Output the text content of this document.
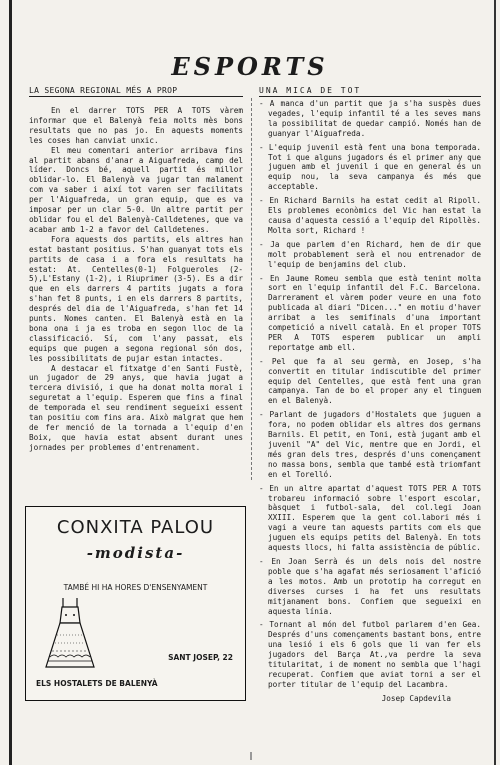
ESPORTS
LA SEGONA REGIONAL MÉS A PROP	UNA MICA DE TOT

En el darrer TOTS PER A TOTS vàrem informar que el Balenyà feia molts mès bons resultats que no pas jo. En aquests moments les coses han canviat unxic.

El meu comentari anterior arribava fins al partit abans d'anar a Aiguafreda, camp del líder. Doncs bé, aquell partit és millor oblidar-lo. El Balenyà va jugar tan malament com va saber i així tot varen ser facilitats per l'Aiguafreda, un gran equip, que es va imposar per un clar 5-0. Un altre partit per oblidar fou el del Balenyà-Calldetenes, que va acabar amb 1-2 a favor del Calldetenes.

Fora aquests dos partits, els altres han estat bastant positius. S'han guanyat tots els partits de casa i a fora els resultats ha estat: At. Centelles(0-1) Folgueroles (2-5),L'Estany (1-2), i Riuprimer (3-5). Es a dir que en els darrers 4 partits jugats a fora s'han fet 8 punts, i en els darrers 8 partits, després del dia de l'Aiguafreda, s'han fet 14 punts. Nomes canten. El Balenyà està en la bona ona i ja es troba en segon lloc de la classificació. Sí, com l'any passat, els equips que pugen a segona regional són dos, les possibilitats de pujar estan intactes.

A destacar el fitxatge d'en Santi Fustè, un jugador de 29 anys, que havia jugat a tercera divisió, i que ha donat molta moral i seguretat a l'equip. Esperem que fins a final de temporada el seu rendiment segueixi essent tan positiu com fins ara. Això malgrat que hem de fer menció de la tornada a l'equip d'en Boix, que havia estat absent durant unes jornades per problemes d'entrenament.

- A manca d'un partit que ja s'ha suspès dues vegades, l'equip infantil té a les seves mans la possibilitat de quedar campió. Només han de guanyar l'Aiguafreda.

- L'equip juvenil està fent una bona temporada. Tot i que alguns jugadors és el primer any que juguen amb el juvenil i que en general és un equip nou, la seva campanya és més que acceptable.

- En Richard Barnils ha estat cedit al Ripoll. Els problemes econòmics del Vic han estat la causa d'aquesta cessió a l'equip del Ripollès. Molta sort, Richard !

- Ja que parlem d'en Richard, hem de dir que molt probablement serà el nou entrenador de l'equip de benjamins del club.

- En Jaume Romeu sembla que està tenint molta sort en l'equip infantil del F.C. Barcelona. Darrerament el vàrem poder veure en una foto publicada al diari "Dicen..." en motiu d'haver arribat a les semifinals d'una important competició a nivell català. En el proper TOTS PER A TOTS esperem publicar un ampli reportatge amb ell.

- Pel que fa al seu germà, en Josep, s'ha convertit en titular indiscutible del primer equip del Centelles, que està fent una gran campanya. Tan de bo el proper any el tinguem en el Balenyà.

- Parlant de jugadors d'Hostalets que juguen a fora, no podem oblidar els altres dos germans Barnils. El petit, en Toni, està jugant amb el juvenil "A" del Vic, mentre que en Jordi, el més gran dels tres, després d'uns començament no massa bons, sembla que també està triomfant en el Torelló.

- En un altre apartat d'aquest TOTS PER A TOTS trobareu informació sobre l'esport escolar, bàsquet i futbol-sala, del col.legi Joan XXIII. Esperem que la gent col.labori més i vagi a veure tan aquests partits com els que juguen els equips petits del Balenyà. En tots aquests llocs, hi falta assistència de públic.

- En Joan Serrà és un dels nois del nostre poble que s'ha agafat més seriosament l'afició a les motos. Amb un prototip ha corregut en diverses curses i ha fet uns resultats mitjanament bons. Confiem que segueixi en aquesta línia.

- Tornant al món del futbol parlarem d'en Gea. Després d'uns començaments bastant bons, entre una lesió i els 6 gols que li van fer els jugadors del Barça At.,va perdre la seva titularitat, i de moment no sembla que l'hagi recuperat. Confiem que aviat torni a ser el porter titular de l'equip del Lacambra.

Josep Capdevila
CONXITA PALOU
-modista-
TAMBÉ HI HA HORES D'ENSENYAMENT
SANT JOSEP, 22
ELS HOSTALETS DE BALENYÀ
